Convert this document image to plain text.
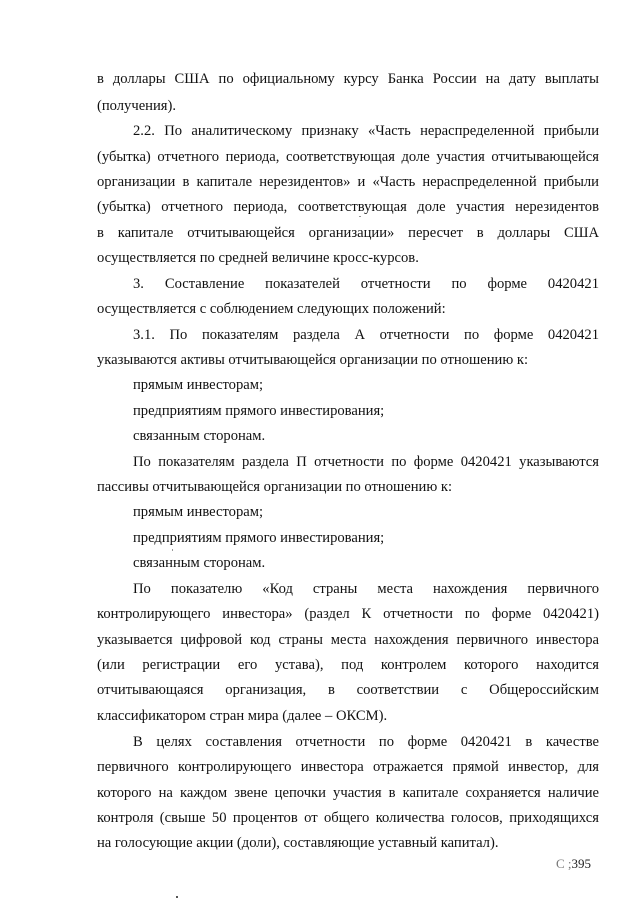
в доллары США по официальному курсу Банка России на дату выплаты
(получения).
2.2. По аналитическому признаку «Часть нераспределенной прибыли
(убытка) отчетного периода, соответствующая доле участия отчитывающейся
организации в капитале нерезидентов» и «Часть нераспределенной прибыли
(убытка) отчетного периода, соответствующая доле участия нерезидентов
в капитале отчитывающейся организации» пересчет в доллары США
осуществляется по средней величине кросс-курсов.
3. Составление показателей отчетности по форме 0420421
осуществляется с соблюдением следующих положений:
3.1. По показателям раздела А отчетности по форме 0420421
указываются активы отчитывающейся организации по отношению к:
прямым инвесторам;
предприятиям прямого инвестирования;
связанным сторонам.
По показателям раздела П отчетности по форме 0420421 указываются
пассивы отчитывающейся организации по отношению к:
прямым инвесторам;
предприятиям прямого инвестирования;
связанным сторонам.
По показателю «Код страны места нахождения первичного
контролирующего инвестора» (раздел К отчетности по форме 0420421)
указывается цифровой код страны места нахождения первичного инвестора
(или регистрации его устава), под контролем которого находится
отчитывающаяся организация, в соответствии с Общероссийским
классификатором стран мира (далее – ОКСМ).
В целях составления отчетности по форме 0420421 в качестве
первичного контролирующего инвестора отражается прямой инвестор, для
которого на каждом звене цепочки участия в капитале сохраняется наличие
контроля (свыше 50 процентов от общего количества голосов, приходящихся
на голосующие акции (доли), составляющие уставный капитал).
С ;395
